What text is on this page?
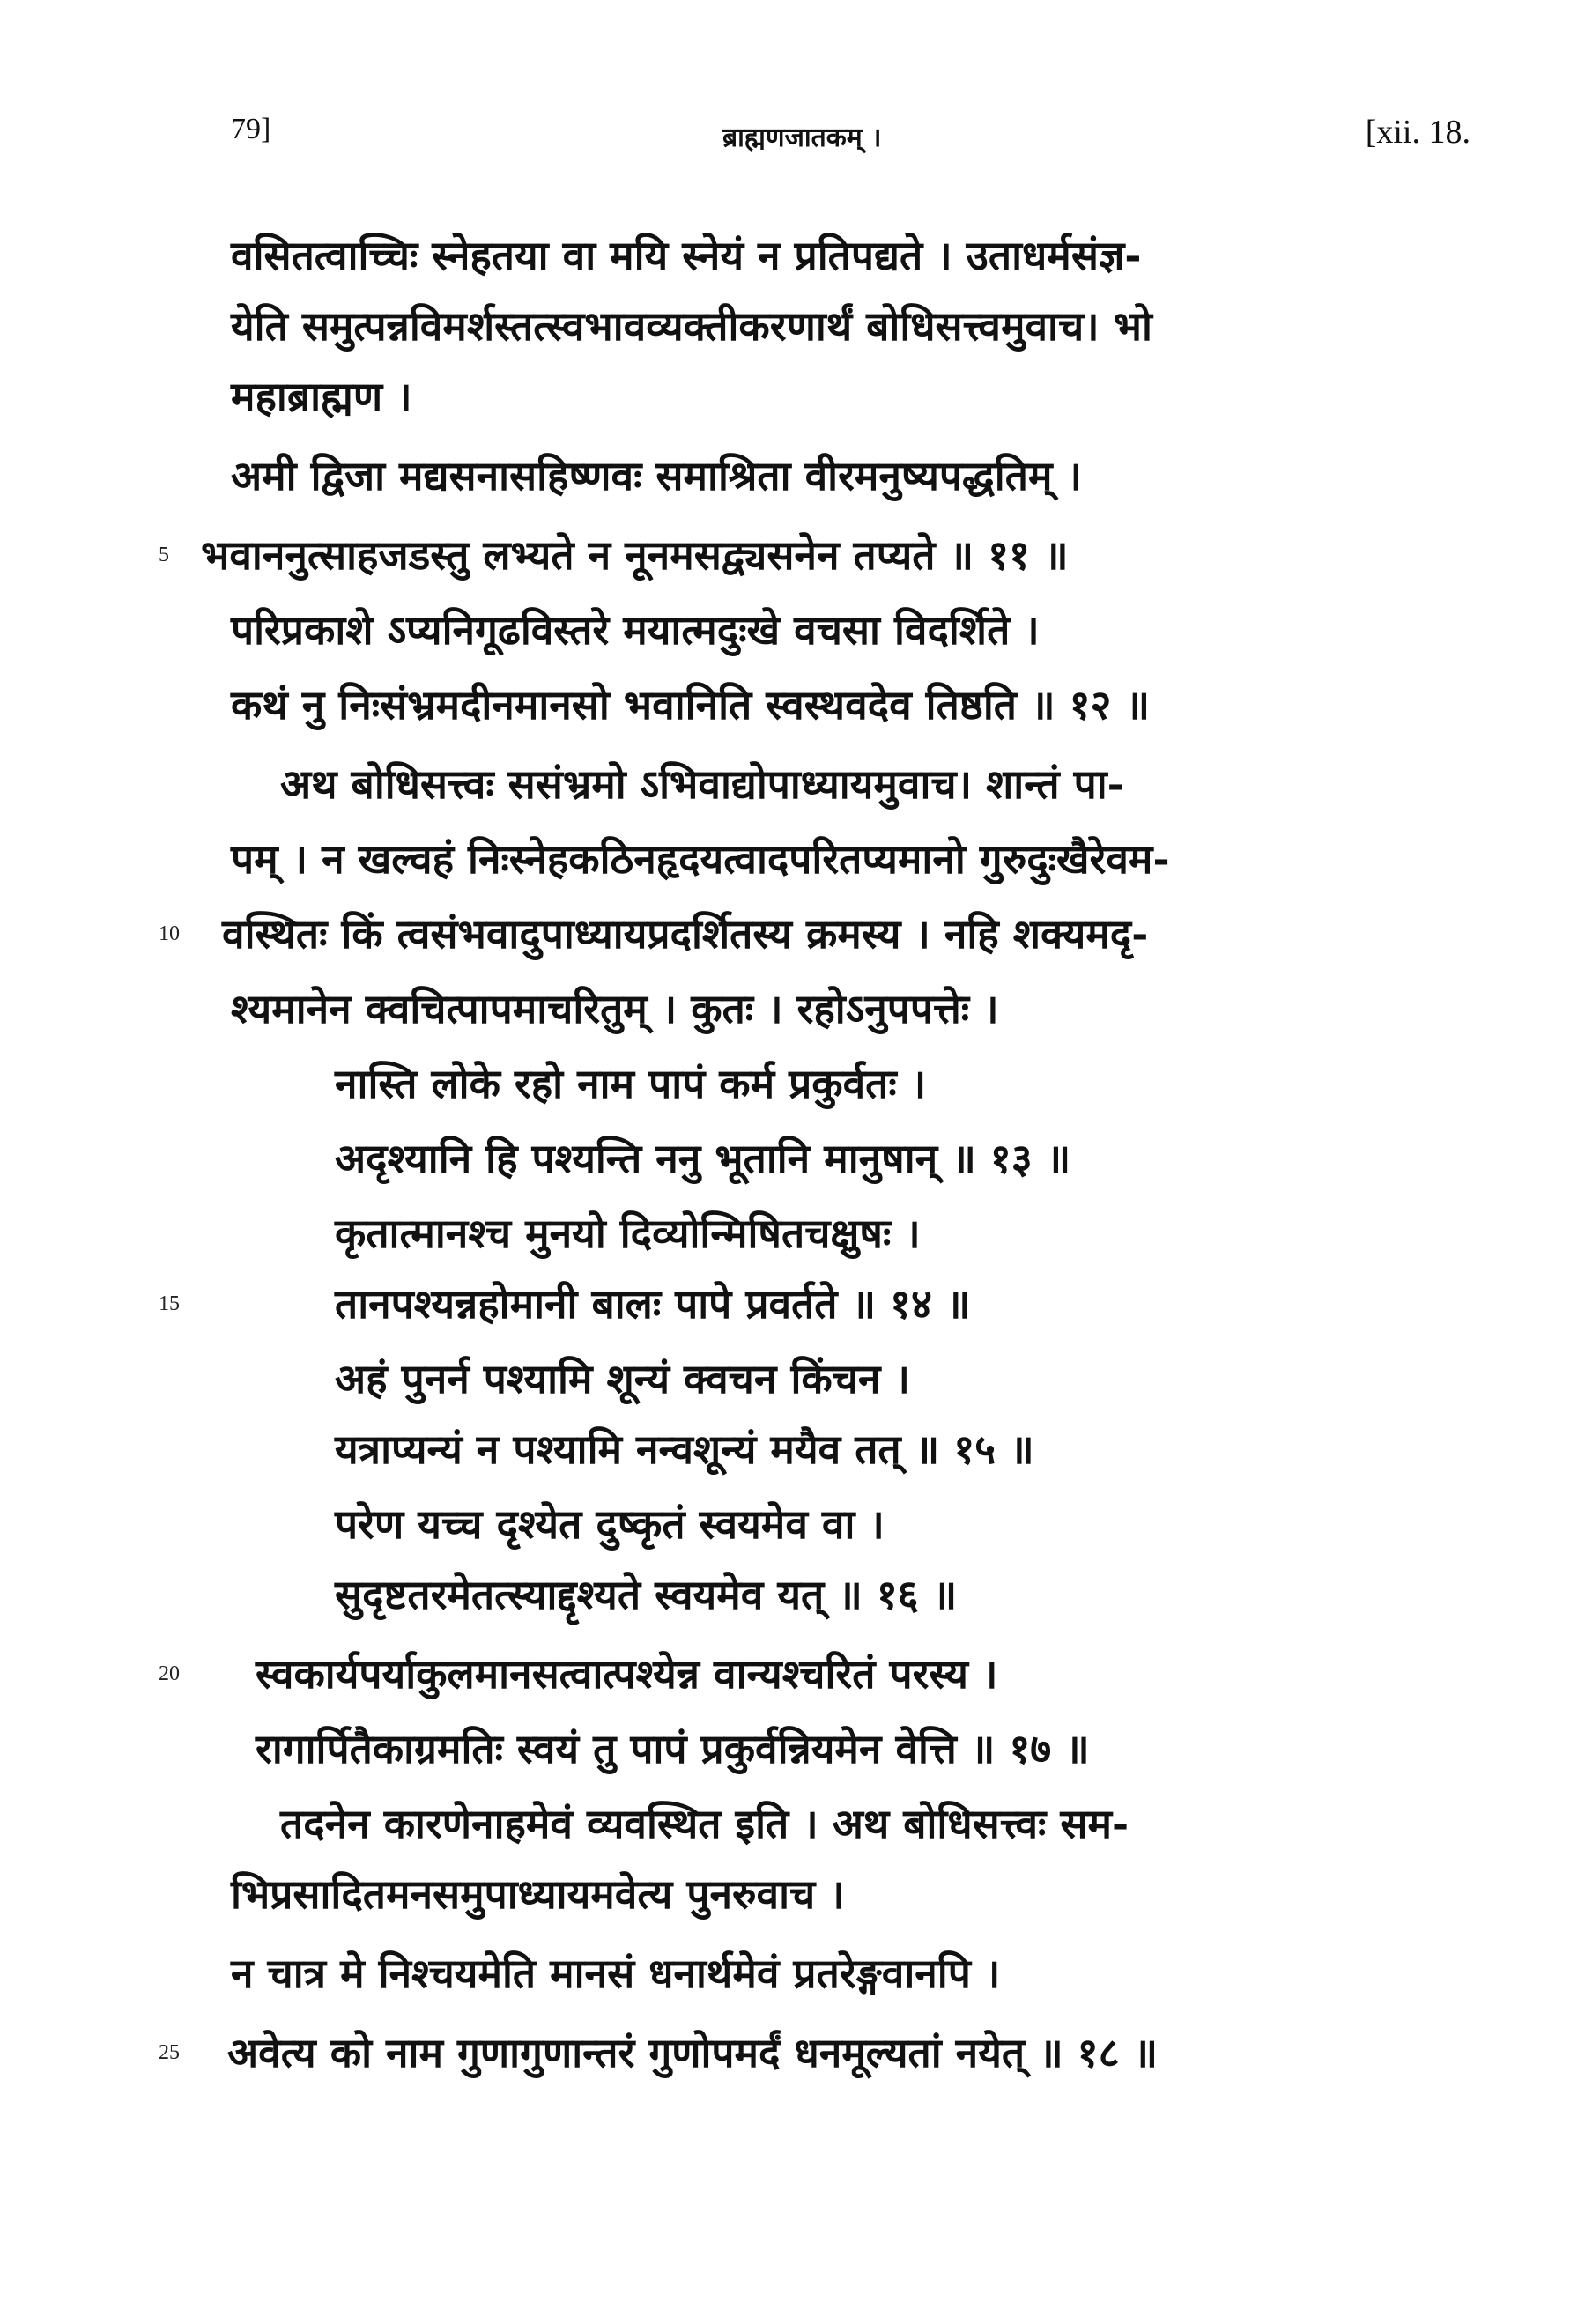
79]	ब्राह्मणजातकम् ।	[xii. 18.
वसितत्वाच्चिः स्नेहतया वा मयि स्नेयं न प्रतिपद्यते । उताधर्मसंज्ञ-
येति समुत्पन्नविमर्शस्तत्स्वभावव्यक्तीकरणार्थं बोधिसत्त्वमुवाच। भो
महाब्राह्मण ।
अमी द्विजा मद्यसनासहिष्णवः समाश्रिता वीरमनुष्यपद्धतिम् ।
भवाननुत्साहजडस्तु लभ्यते न नूनमसद्व्यसनेन तप्यते ॥ ११ ॥
5
परिप्रकाशे ऽप्यनिगूढविस्तरे मयात्मदुःखे वचसा विदर्शिते ।
कथं नु निःसंभ्रमदीनमानसो भवानिति स्वस्थवदेव तिष्ठति ॥ १२ ॥
अथ बोधिसत्त्वः ससंभ्रमो ऽभिवाद्योपाध्यायमुवाच। शान्तं पा-
पम् । न खल्वहं निःस्नेहकठिनहृदयत्वादपरितप्यमानो गुरुदुःखैरेवम-
वस्थितः किं त्वसंभवादुपाध्यायप्रदर्शितस्य क्रमस्य । नहि शक्यमदृ-
10
श्यमानेन क्वचित्पापमाचरितुम् । कुतः । रहोऽनुपपत्तेः ।
नास्ति लोके रहो नाम पापं कर्म प्रकुर्वतः ।
अदृश्यानि हि पश्यन्ति ननु भूतानि मानुषान् ॥ १३ ॥
कृतात्मानश्च मुनयो दिव्योन्मिषितचक्षुषः ।
तानपश्यन्नहोमानी बालः पापे प्रवर्तते ॥ १४ ॥
15
अहं पुनर्न पश्यामि शून्यं क्वचन किंचन ।
यत्राप्यन्यं न पश्यामि नन्वशून्यं मयैव तत् ॥ १५ ॥
परेण यच्च दृश्येत दुष्कृतं स्वयमेव वा ।
सुदृष्टतरमेतत्स्याद्दृश्यते स्वयमेव यत् ॥ १६ ॥
स्वकार्यपर्याकुलमानसत्वात्पश्येन्न वान्यश्चरितं परस्य ।
20
रागार्पितैकाग्रमतिः स्वयं तु पापं प्रकुर्वन्नियमेन वेत्ति ॥ १७ ॥
तदनेन कारणेनाहमेवं व्यवस्थित इति । अथ बोधिसत्त्वः सम-
भिप्रसादितमनसमुपाध्यायमवेत्य पुनरुवाच ।
न चात्र मे निश्चयमेति मानसं धनार्थमेवं प्रतरेङ्गवानपि ।
अवेत्य को नाम गुणागुणान्तरं गुणोपमर्दं धनमूल्यतां नयेत् ॥ १८ ॥
25
